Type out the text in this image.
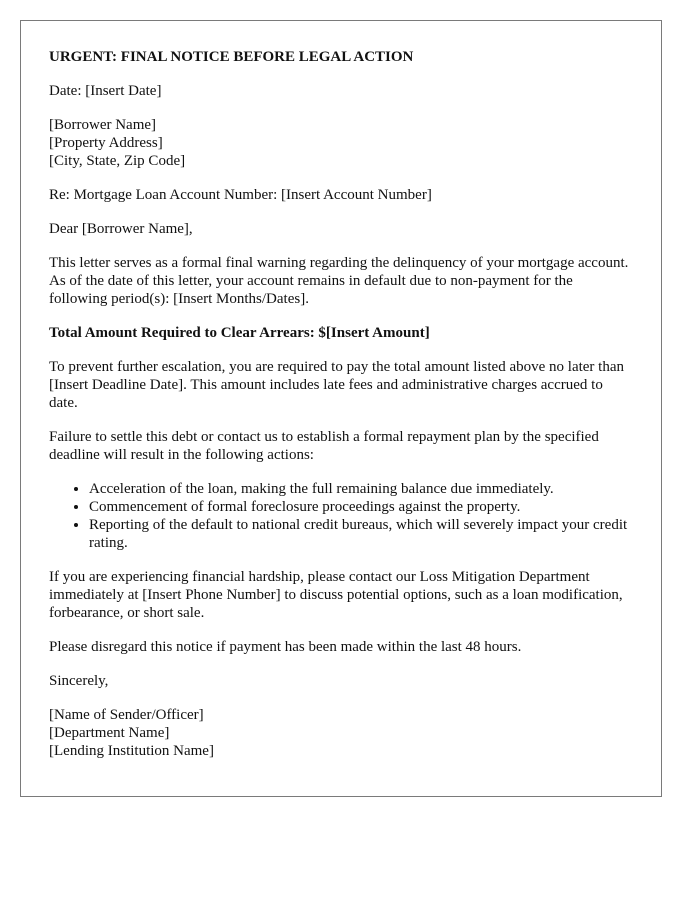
URGENT: FINAL NOTICE BEFORE LEGAL ACTION

Date: [Insert Date]

[Borrower Name]
[Property Address]
[City, State, Zip Code]

Re: Mortgage Loan Account Number: [Insert Account Number]

Dear [Borrower Name],

This letter serves as a formal final warning regarding the delinquency of your mortgage account. As of the date of this letter, your account remains in default due to non-payment for the following period(s): [Insert Months/Dates].

Total Amount Required to Clear Arrears: $[Insert Amount]

To prevent further escalation, you are required to pay the total amount listed above no later than [Insert Deadline Date]. This amount includes late fees and administrative charges accrued to date.

Failure to settle this debt or contact us to establish a formal repayment plan by the specified deadline will result in the following actions:

• Acceleration of the loan, making the full remaining balance due immediately.
• Commencement of formal foreclosure proceedings against the property.
• Reporting of the default to national credit bureaus, which will severely impact your credit rating.

If you are experiencing financial hardship, please contact our Loss Mitigation Department immediately at [Insert Phone Number] to discuss potential options, such as a loan modification, forbearance, or short sale.

Please disregard this notice if payment has been made within the last 48 hours.

Sincerely,

[Name of Sender/Officer]
[Department Name]
[Lending Institution Name]
